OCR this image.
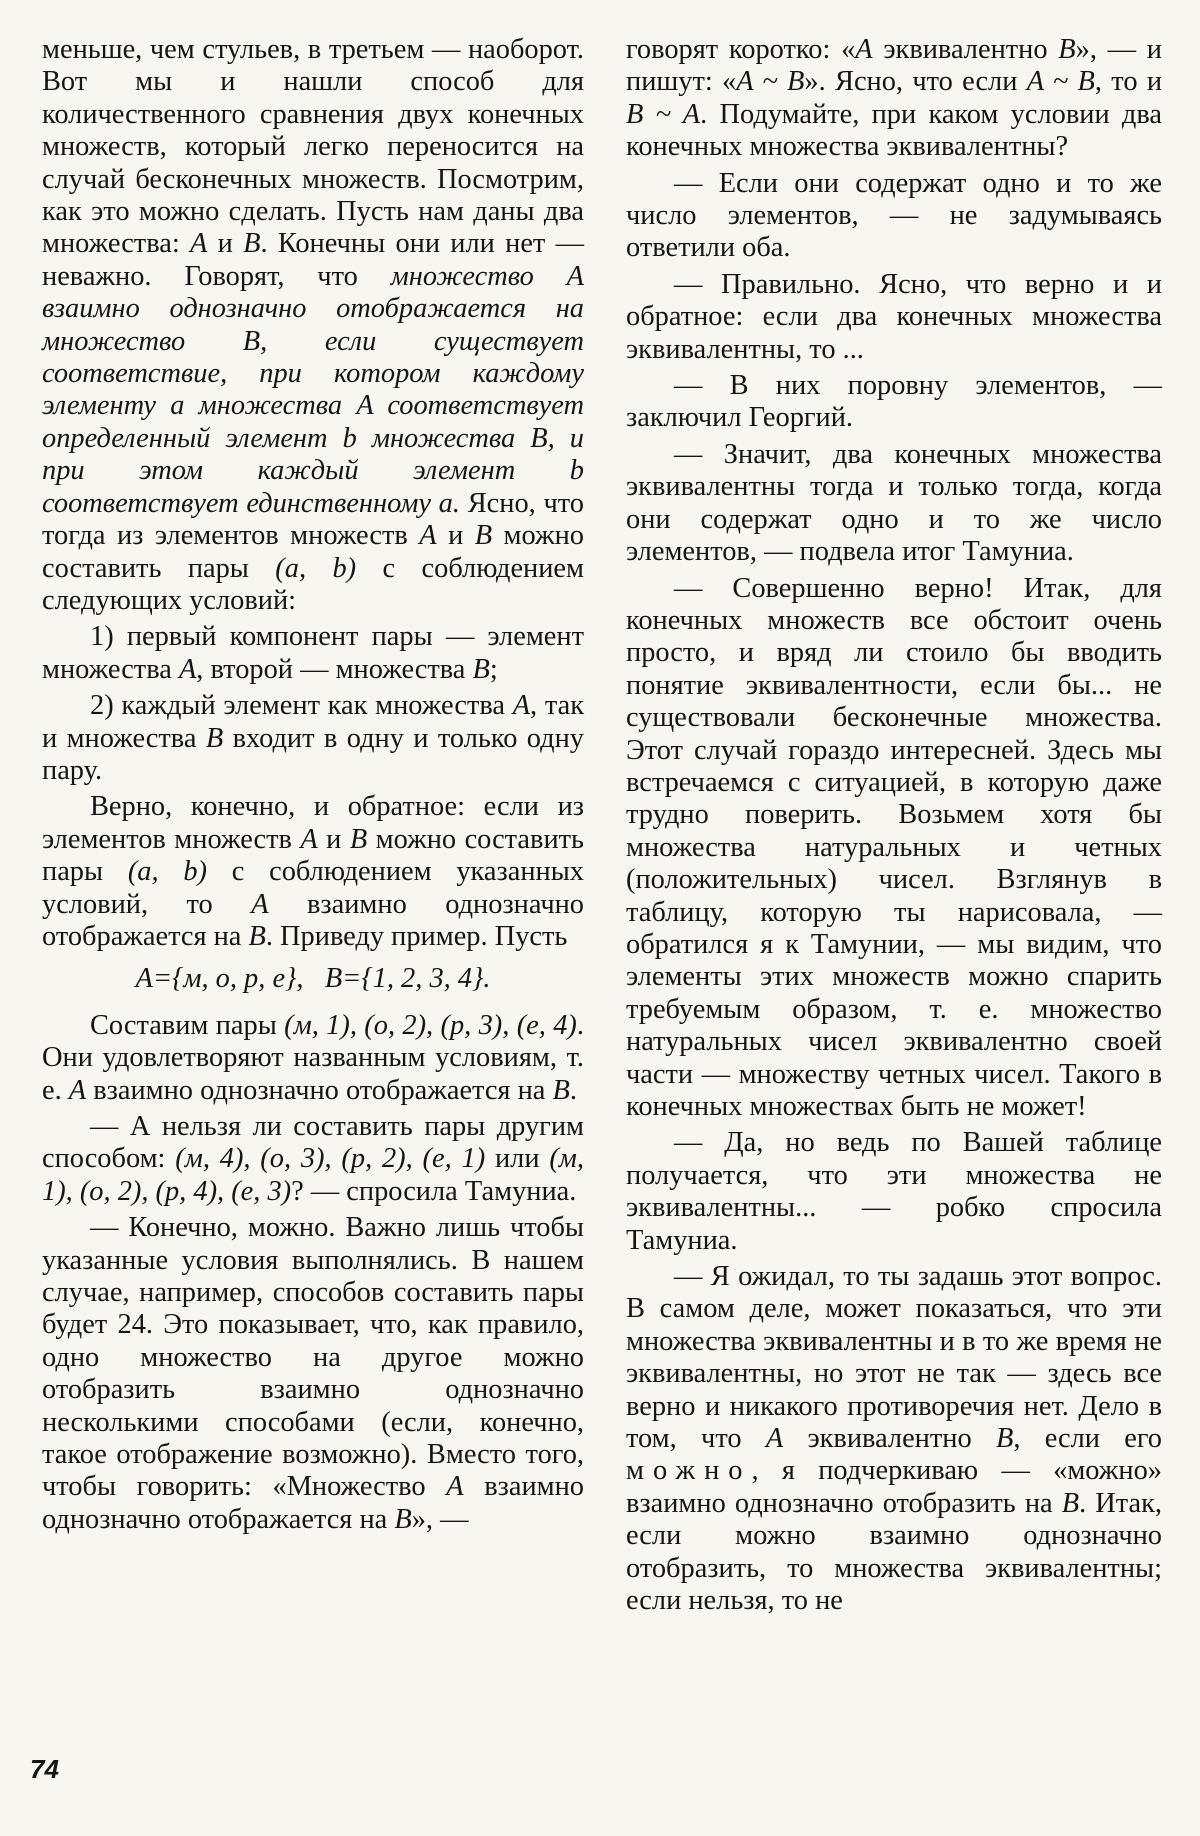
меньше, чем стульев, в третьем — наоборот. Вот мы и нашли способ для количественного сравнения двух конечных множеств, который легко переносится на случай бесконечных множеств. Посмотрим, как это можно сделать. Пусть нам даны два множества: A и B. Конечны они или нет — неважно. Говорят, что множество A взаимно однозначно отображается на множество B, если существует соответствие, при котором каждому элементу a множества A соответствует определенный элемент b множества B, и при этом каждый элемент b соответствует единственному a. Ясно, что тогда из элементов множеств A и B можно составить пары (a, b) с соблюдением следующих условий:

1) первый компонент пары — элемент множества A, второй — множества B;

2) каждый элемент как множества A, так и множества B входит в одну и только одну пару.

Верно, конечно, и обратное: если из элементов множеств A и B можно составить пары (a, b) с соблюдением указанных условий, то A взаимно однозначно отображается на B. Приведу пример. Пусть

A={м, о, р, е}, B={1, 2, 3, 4}.

Составим пары (м, 1), (о, 2), (р, 3), (е, 4). Они удовлетворяют названным условиям, т. е. A взаимно однозначно отображается на B.

— А нельзя ли составить пары другим способом: (м, 4), (о, 3), (р, 2), (е, 1) или (м, 1), (о, 2), (р, 4), (е, 3)? — спросила Тамуниа.

— Конечно, можно. Важно лишь чтобы указанные условия выполнялись. В нашем случае, например, способов составить пары будет 24. Это показывает, что, как правило, одно множество на другое можно отобразить взаимно однозначно несколькими способами (если, конечно, такое отображение возможно). Вместо того, чтобы говорить: «Множество A взаимно однозначно отображается на B», —

говорят коротко: «A эквивалентно B», — и пишут: «A ~ B». Ясно, что если A ~ B, то и B ~ A. Подумайте, при каком условии два конечных множества эквивалентны?

— Если они содержат одно и то же число элементов, — не задумываясь ответили оба.

— Правильно. Ясно, что верно и и обратное: если два конечных множества эквивалентны, то ...

— В них поровну элементов, — заключил Георгий.

— Значит, два конечных множества эквивалентны тогда и только тогда, когда они содержат одно и то же число элементов, — подвела итог Тамуниа.

— Совершенно верно! Итак, для конечных множеств все обстоит очень просто, и вряд ли стоило бы вводить понятие эквивалентности, если бы... не существовали бесконечные множества. Этот случай гораздо интересней. Здесь мы встречаемся с ситуацией, в которую даже трудно поверить. Возьмем хотя бы множества натуральных и четных (положительных) чисел. Взглянув в таблицу, которую ты нарисовала, — обратился я к Тамунии, — мы видим, что элементы этих множеств можно спарить требуемым образом, т. е. множество натуральных чисел эквивалентно своей части — множеству четных чисел. Такого в конечных множествах быть не может!

— Да, но ведь по Вашей таблице получается, что эти множества не эквивалентны... — робко спросила Тамуниа.

— Я ожидал, то ты задашь этот вопрос. В самом деле, может показаться, что эти множества эквивалентны и в то же время не эквивалентны, но этот не так — здесь все верно и никакого противоречия нет. Дело в том, что A эквивалентно B, если его можно, я подчеркиваю — «можно» взаимно однозначно отобразить на B. Итак, если можно взаимно однозначно отобразить, то множества эквивалентны; если нельзя, то не

74
